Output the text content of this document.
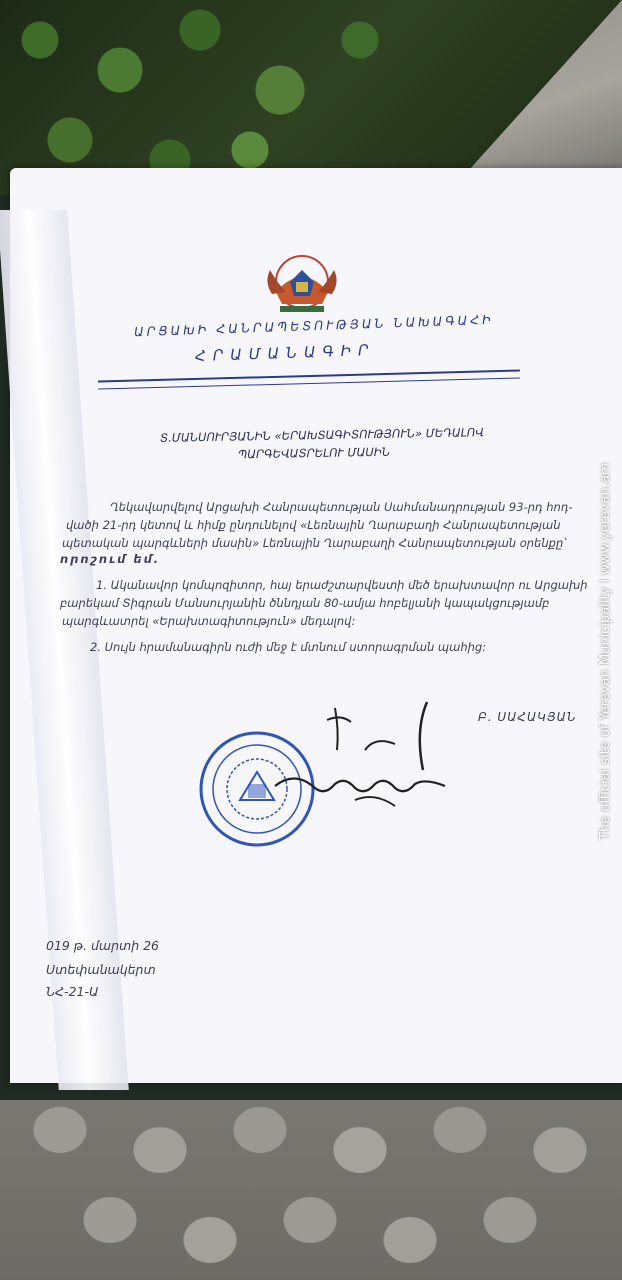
ԱՐՑԱԽԻ ՀԱՆՐԱՊԵՏՈՒԹՅԱՆ ՆԱԽԱԳԱՀԻ
ՀՐԱՄԱՆԱԳԻՐ
Տ.ՄԱՆՍՈՒՐՅԱՆԻՆ «ԵՐԱԽՏԱԳԻՏՈՒԹՅՈՒՆ» ՄԵԴԱԼՈՎ
ՊԱՐԳԵՎԱՏՐԵԼՈՒ ՄԱՍԻՆ
Ղեկավարվելով Արցախի Հանրապետության Սահմանադրության 93-րդ հոդ-
վածի 21-րդ կետով և հիմք ընդունելով «Լեռնային Ղարաբաղի Հանրապետության
պետական պարգևների մասին» Լեռնային Ղարաբաղի Հանրապետության օրենքը՝
որոշում եմ.
1. Ականավոր կոմպոզիտոր, հայ երաժշտարվեստի մեծ երախտավոր ու Արցախի
բարեկամ Տիգրան Մանսուրյանին ծննդյան 80-ամյա հոբելյանի կապակցությամբ
պարգևատրել «Երախտագիտություն» մեդալով:
2. Սույն հրամանագիրն ուժի մեջ է մտնում ստորագրման պահից:
Բ. ՍԱՀԱԿՅԱՆ
019 թ. մարտի 26
Ստեփանակերտ
ՆՀ-21-Ա
The official site of Yerevan Municipality I www.yerevan.am
